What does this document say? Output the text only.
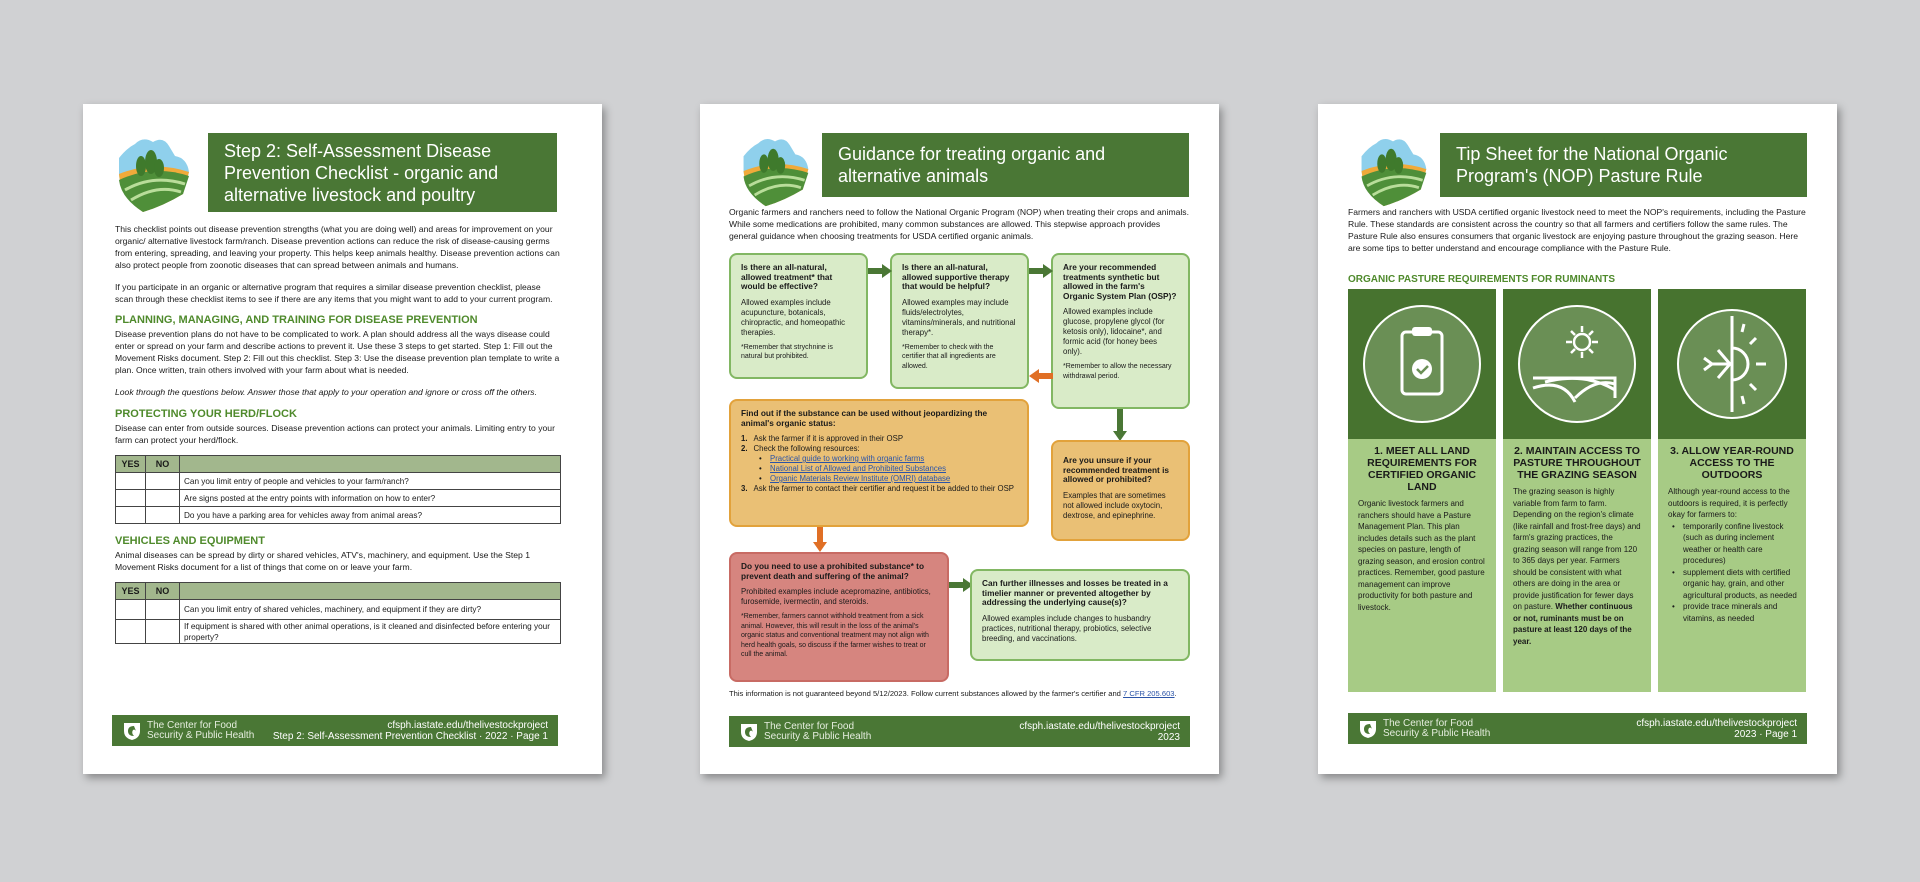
Step 2: Self-Assessment Disease Prevention Checklist - organic and alternative livestock and poultry
This checklist points out disease prevention strengths (what you are doing well) and areas for improvement on your organic/ alternative livestock farm/ranch. Disease prevention actions can reduce the risk of disease-causing germs from entering, spreading, and leaving your property. This helps keep animals healthy. Disease prevention actions can also protect people from zoonotic diseases that can spread between animals and humans.
If you participate in an organic or alternative program that requires a similar disease prevention checklist, please scan through these checklist items to see if there are any items that you might want to add to your current program.
PLANNING, MANAGING, AND TRAINING FOR DISEASE PREVENTION
Disease prevention plans do not have to be complicated to work. A plan should address all the ways disease could enter or spread on your farm and describe actions to prevent it. Use these 3 steps to get started. Step 1: Fill out the Movement Risks document. Step 2: Fill out this checklist. Step 3: Use the disease prevention plan template to write a plan. Once written, train others involved with your farm about what is needed.
Look through the questions below. Answer those that apply to your operation and ignore or cross off the others.
PROTECTING YOUR HERD/FLOCK
Disease can enter from outside sources. Disease prevention actions can protect your animals. Limiting entry to your farm can protect your herd/flock.
YES	NO	
		Can you limit entry of people and vehicles to your farm/ranch?
		Are signs posted at the entry points with information on how to enter?
		Do you have a parking area for vehicles away from animal areas?
VEHICLES AND EQUIPMENT
Animal diseases can be spread by dirty or shared vehicles, ATV's, machinery, and equipment. Use the Step 1 Movement Risks document for a list of things that come on or leave your farm.
YES	NO	
		Can you limit entry of shared vehicles, machinery, and equipment if they are dirty?
		If equipment is shared with other animal operations, is it cleaned and disinfected before entering your property?
The Center for Food
Security & Public Health
cfsph.iastate.edu/thelivestockproject
Step 2: Self-Assessment Prevention Checklist · 2022 · Page 1
Guidance for treating organic and alternative animals
Organic farmers and ranchers need to follow the National Organic Program (NOP) when treating their crops and animals. While some medications are prohibited, many common substances are allowed. This stepwise approach provides general guidance when choosing treatments for USDA certified organic animals.
Is there an all-natural, allowed treatment* that would be effective?
Allowed examples include acupuncture, botanicals, chiropractic, and homeopathic therapies.
*Remember that strychnine is natural but prohibited.
Is there an all-natural, allowed supportive therapy that would be helpful?
Allowed examples may include fluids/electrolytes, vitamins/minerals, and nutritional therapy*.
*Remember to check with the certifier that all ingredients are allowed.
Are your recommended treatments synthetic but allowed in the farm's Organic System Plan (OSP)?
Allowed examples include glucose, propylene glycol (for ketosis only), lidocaine*, and formic acid (for honey bees only).
*Remember to allow the necessary withdrawal period.
Find out if the substance can be used without jeopardizing the animal's organic status:
1. Ask the farmer if it is approved in their OSP
2. Check the following resources:
• Practical guide to working with organic farms
• National List of Allowed and Prohibited Substances
• Organic Materials Review Institute (OMRI) database
3. Ask the farmer to contact their certifier and request it be added to their OSP
Are you unsure if your recommended treatment is allowed or prohibited?
Examples that are sometimes not allowed include oxytocin, dextrose, and epinephrine.
Do you need to use a prohibited substance* to prevent death and suffering of the animal?
Prohibited examples include acepromazine, antibiotics, furosemide, ivermectin, and steroids.
*Remember, farmers cannot withhold treatment from a sick animal. However, this will result in the loss of the animal's organic status and conventional treatment may not align with herd health goals, so discuss if the farmer wishes to treat or cull the animal.
Can further illnesses and losses be treated in a timelier manner or prevented altogether by addressing the underlying cause(s)?
Allowed examples include changes to husbandry practices, nutritional therapy, probiotics, selective breeding, and vaccinations.
This information is not guaranteed beyond 5/12/2023. Follow current substances allowed by the farmer's certifier and 7 CFR 205.603.
The Center for Food
Security & Public Health
cfsph.iastate.edu/thelivestockproject
2023
Tip Sheet for the National Organic Program's (NOP) Pasture Rule
Farmers and ranchers with USDA certified organic livestock need to meet the NOP's requirements, including the Pasture Rule. These standards are consistent across the country so that all farmers and certifiers follow the same rules. The Pasture Rule also ensures consumers that organic livestock are enjoying pasture throughout the grazing season. Here are some tips to better understand and encourage compliance with the Pasture Rule.
ORGANIC PASTURE REQUIREMENTS FOR RUMINANTS
1. MEET ALL LAND REQUIREMENTS FOR CERTIFIED ORGANIC LAND
Organic livestock farmers and ranchers should have a Pasture Management Plan. This plan includes details such as the plant species on pasture, length of grazing season, and erosion control practices. Remember, good pasture management can improve productivity for both pasture and livestock.
2. MAINTAIN ACCESS TO PASTURE THROUGHOUT THE GRAZING SEASON
The grazing season is highly variable from farm to farm. Depending on the region's climate (like rainfall and frost-free days) and farm's grazing practices, the grazing season will range from 120 to 365 days per year. Farmers should be consistent with what others are doing in the area or provide justification for fewer days on pasture. Whether continuous or not, ruminants must be on pasture at least 120 days of the year.
3. ALLOW YEAR-ROUND ACCESS TO THE OUTDOORS
Although year-round access to the outdoors is required, it is perfectly okay for farmers to:
• temporarily confine livestock (such as during inclement weather or health care procedures)
• supplement diets with certified organic hay, grain, and other agricultural products, as needed
• provide trace minerals and vitamins, as needed
The Center for Food
Security & Public Health
cfsph.iastate.edu/thelivestockproject
2023 · Page 1
